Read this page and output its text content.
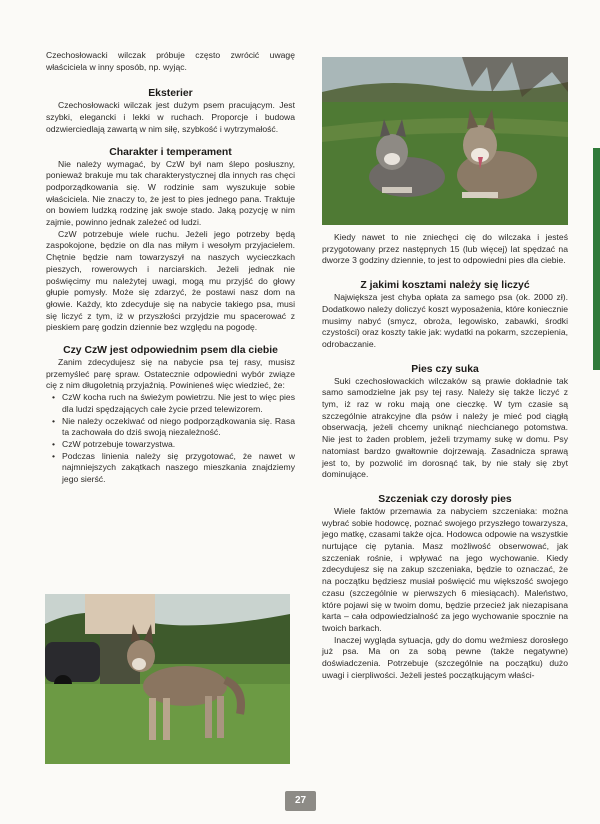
Czechosłowacki wilczak próbuje często zwrócić uwagę właściciela w inny sposób, np. wyjąc.

Eksterier

Czechosłowacki wilczak jest dużym psem pracującym. Jest szybki, elegancki i lekki w ruchach. Proporcje i budowa odzwierciedlają zawartą w nim siłę, szybkość i wytrzymałość.

Charakter i temperament

Nie należy wymagać, by CzW był nam ślepo posłuszny, ponieważ brakuje mu tak charakterystycznej dla innych ras chęci podporządkowania się. W rodzinie sam wyszukuje sobie właściciela. Nie znaczy to, że jest to pies jednego pana. Traktuje on bowiem ludzką rodzinę jak swoje stado. Jaką pozycję w nim zajmie, powinno jednak zależeć od ludzi.

CzW potrzebuje wiele ruchu. Jeżeli jego potrzeby będą zaspokojone, będzie on dla nas miłym i wesołym przyjacielem. Chętnie będzie nam towarzyszył na naszych wycieczkach pieszych, rowerowych i narciarskich. Jeżeli jednak nie poświęcimy mu należytej uwagi, mogą mu przyjść do głowy głupie pomysły. Może się zdarzyć, że postawi nasz dom na głowie. Każdy, kto zdecyduje się na nabycie takiego psa, musi się liczyć z tym, iż w przyszłości przyjdzie mu spacerować z pieskiem parę godzin dziennie bez względu na pogodę.

Czy CzW jest odpowiednim psem dla ciebie

Zanim zdecydujesz się na nabycie psa tej rasy, musisz przemyśleć parę spraw. Ostatecznie odpowiedni wybór związe cię z nim długoletnią przyjaźnią. Powinieneś więc wiedzieć, że:

• CzW kocha ruch na świeżym powietrzu. Nie jest to więc pies dla ludzi spędzających całe życie przed telewizorem.
• Nie należy oczekiwać od niego podporządkowania się. Rasa ta zachowała do dziś swoją niezależność.
• CzW potrzebuje towarzystwa.
• Podczas linienia należy się przygotować, że nawet w najmniejszych zakątkach naszego mieszkania znajdziemy jego sierść.

Kiedy nawet to nie zniechęci cię do wilczaka i jesteś przygotowany przez następnych 15 (lub więcej) lat spędzać na dworze 3 godziny dziennie, to jest to odpowiedni pies dla ciebie.

Z jakimi kosztami należy się liczyć

Największa jest chyba opłata za samego psa (ok. 2000 zł). Dodatkowo należy doliczyć koszt wyposażenia, które koniecznie musimy nabyć (smycz, obroża, legowisko, zabawki, środki czystości) oraz koszty takie jak: wydatki na pokarm, szczepienia, odrobaczanie.

Pies czy suka

Suki czechosłowackich wilczaków są prawie dokładnie tak samo samodzielne jak psy tej rasy. Należy się także liczyć z tym, iż raz w roku mają one cieczkę. W tym czasie są szczególnie atrakcyjne dla psów i należy je mieć pod ciągłą obserwacją, jeżeli chcemy uniknąć niechcianego potomstwa. Nie jest to żaden problem, jeżeli trzymamy sukę w domu. Psy natomiast bardzo gwałtownie dojrzewają. Zasadnicza sprawą jest to, by pozwolić im dorosnąć tak, by nie stały się zbyt dominujące.

Szczeniak czy dorosły pies

Wiele faktów przemawia za nabyciem szczeniaka: można wybrać sobie hodowcę, poznać swojego przyszłego towarzysza, jego matkę, czasami także ojca. Hodowca odpowie na wszystkie nurtujące cię pytania. Masz możliwość obserwować, jak szczeniak rośnie, i wpływać na jego wychowanie. Kiedy zdecydujesz się na zakup szczeniaka, będzie to oznaczać, że na początku będziesz musiał poświęcić mu większość swojego czasu (szczególnie w pierwszych 6 miesiącach). Maleństwo, które pojawi się w twoim domu, będzie przecież jak niezapisana karta – cała odpowiedzialność za jego wychowanie spocznie na twoich barkach.

Inaczej wygląda sytuacja, gdy do domu weźmiesz dorosłego już psa. Ma on za sobą pewne (także negatywne) doświadczenia. Potrzebuje (szczególnie na początku) dużo uwagi i cierpliwości. Jeżeli jesteś początkującym właści-

27
